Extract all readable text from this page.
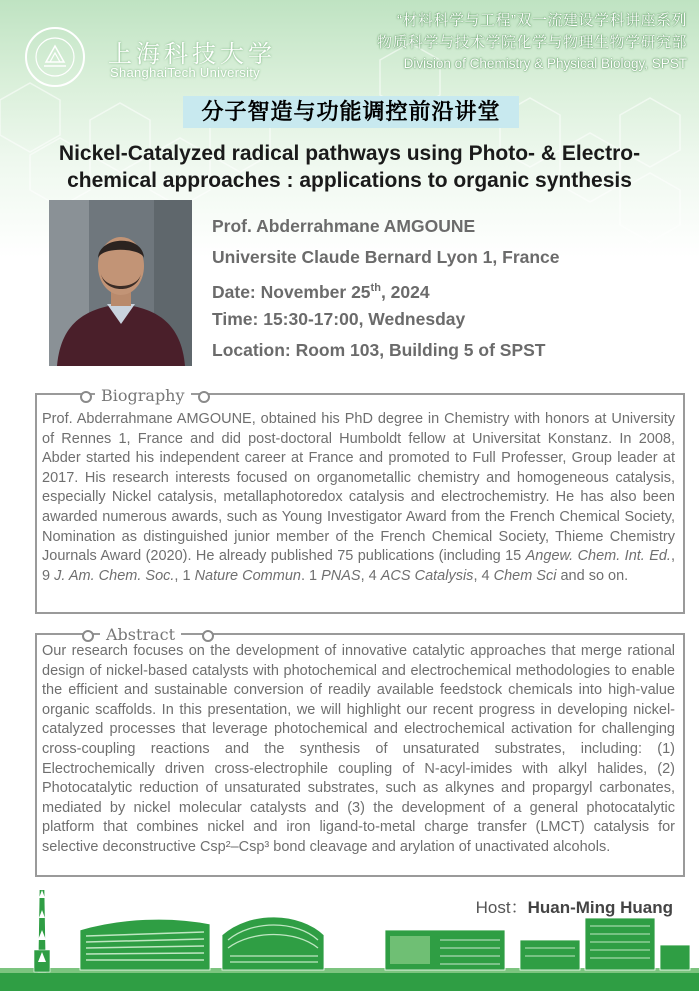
上海科技大学
ShanghaiTech University
“材料科学与工程”双一流建设学科讲座系列
物质科学与技术学院化学与物理生物学研究部
Division of Chemistry & Physical Biology, SPST
分子智造与功能调控前沿讲堂
Nickel-Catalyzed radical pathways using Photo- & Electro-chemical approaches : applications to organic synthesis
Prof. Abderrahmane AMGOUNE
Universite Claude Bernard Lyon 1, France
Date: November 25th, 2024
Time: 15:30-17:00, Wednesday
Location: Room 103, Building 5 of SPST
Biography
Prof. Abderrahmane AMGOUNE, obtained his PhD degree in Chemistry with honors at University of Rennes 1, France and did post-doctoral Humboldt fellow at Universitat Konstanz. In 2008, Abder started his independent career at France and promoted to Full Professer, Group leader at 2017. His research interests focused on organometallic chemistry and homogeneous catalysis, especially Nickel catalysis, metallaphotoredox catalysis and electrochemistry. He has also been awarded numerous awards, such as Young Investigator Award from the French Chemical Society, Nomination as distinguished junior member of the French Chemical Society, Thieme Chemistry Journals Award (2020). He already published 75 publications (including 15 Angew. Chem. Int. Ed., 9 J. Am. Chem. Soc., 1 Nature Commun. 1 PNAS, 4 ACS Catalysis, 4 Chem Sci and so on.
Abstract
Our research focuses on the development of innovative catalytic approaches that merge rational design of nickel-based catalysts with photochemical and electrochemical methodologies to enable the efficient and sustainable conversion of readily available feedstock chemicals into high-value organic scaffolds. In this presentation, we will highlight our recent progress in developing nickel-catalyzed processes that leverage photochemical and electrochemical activation for challenging cross-coupling reactions and the synthesis of unsaturated substrates, including: (1) Electrochemically driven cross-electrophile coupling of N-acyl-imides with alkyl halides, (2) Photocatalytic reduction of unsaturated substrates, such as alkynes and propargyl carbonates, mediated by nickel molecular catalysts and (3) the development of a general photocatalytic platform that combines nickel and iron ligand-to-metal charge transfer (LMCT) catalysis for selective deconstructive Csp²–Csp³ bond cleavage and arylation of unactivated alcohols.
Host：Huan-Ming Huang
